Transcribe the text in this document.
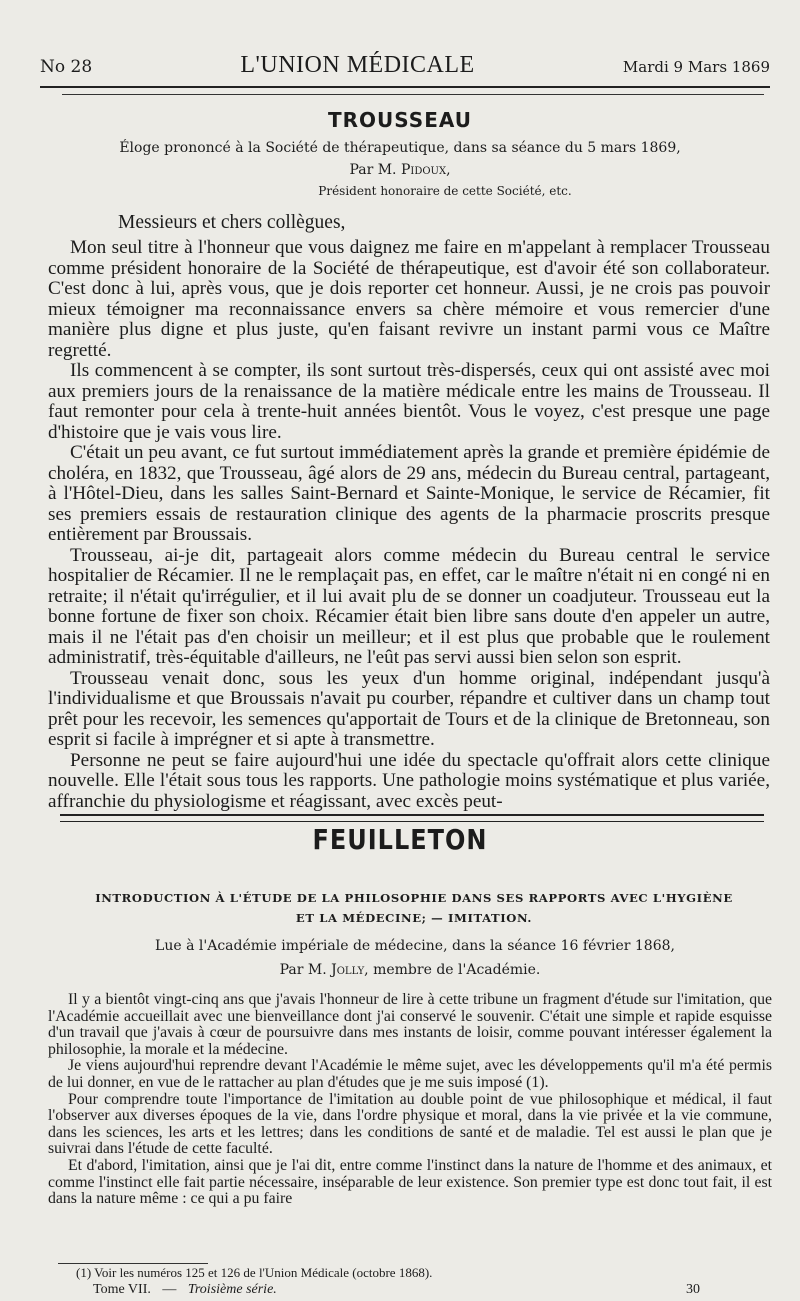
No 28	L'UNION MÉDICALE	Mardi 9 Mars 1869
TROUSSEAU
Éloge prononcé à la Société de thérapeutique, dans sa séance du 5 mars 1869,
Par M. Pidoux,
Président honoraire de cette Société, etc.
Messieurs et chers collègues,

Mon seul titre à l'honneur que vous daignez me faire en m'appelant à remplacer Trousseau comme président honoraire de la Société de thérapeutique, est d'avoir été son collaborateur. C'est donc à lui, après vous, que je dois reporter cet honneur. Aussi, je ne crois pas pouvoir mieux témoigner ma reconnaissance envers sa chère mémoire et vous remercier d'une manière plus digne et plus juste, qu'en faisant revivre un instant parmi vous ce Maître regretté.

Ils commencent à se compter, ils sont surtout très-dispersés, ceux qui ont assisté avec moi aux premiers jours de la renaissance de la matière médicale entre les mains de Trousseau. Il faut remonter pour cela à trente-huit années bientôt. Vous le voyez, c'est presque une page d'histoire que je vais vous lire.

C'était un peu avant, ce fut surtout immédiatement après la grande et première épidémie de choléra, en 1832, que Trousseau, âgé alors de 29 ans, médecin du Bureau central, partageant, à l'Hôtel-Dieu, dans les salles Saint-Bernard et Sainte-Monique, le service de Récamier, fit ses premiers essais de restauration clinique des agents de la pharmacie proscrits presque entièrement par Broussais.

Trousseau, ai-je dit, partageait alors comme médecin du Bureau central le service hospitalier de Récamier. Il ne le remplaçait pas, en effet, car le maître n'était ni en congé ni en retraite; il n'était qu'irrégulier, et il lui avait plu de se donner un coadjuteur. Trousseau eut la bonne fortune de fixer son choix. Récamier était bien libre sans doute d'en appeler un autre, mais il ne l'était pas d'en choisir un meilleur; et il est plus que probable que le roulement administratif, très-équitable d'ailleurs, ne l'eût pas servi aussi bien selon son esprit.

Trousseau venait donc, sous les yeux d'un homme original, indépendant jusqu'à l'individualisme et que Broussais n'avait pu courber, répandre et cultiver dans un champ tout prêt pour les recevoir, les semences qu'apportait de Tours et de la clinique de Bretonneau, son esprit si facile à imprégner et si apte à transmettre.

Personne ne peut se faire aujourd'hui une idée du spectacle qu'offrait alors cette clinique nouvelle. Elle l'était sous tous les rapports. Une pathologie moins systématique et plus variée, affranchie du physiologisme et réagissant, avec excès peut-

FEUILLETON
INTRODUCTION À L'ÉTUDE DE LA PHILOSOPHIE DANS SES RAPPORTS AVEC L'HYGIÈNE
ET LA MÉDECINE; — IMITATION.
Lue à l'Académie impériale de médecine, dans la séance 16 février 1868,
Par M. Jolly, membre de l'Académie.

Il y a bientôt vingt-cinq ans que j'avais l'honneur de lire à cette tribune un fragment d'étude sur l'imitation, que l'Académie accueillait avec une bienveillance dont j'ai conservé le souvenir. C'était une simple et rapide esquisse d'un travail que j'avais à cœur de poursuivre dans mes instants de loisir, comme pouvant intéresser également la philosophie, la morale et la médecine.

Je viens aujourd'hui reprendre devant l'Académie le même sujet, avec les développements qu'il m'a été permis de lui donner, en vue de le rattacher au plan d'études que je me suis imposé (1).

Pour comprendre toute l'importance de l'imitation au double point de vue philosophique et médical, il faut l'observer aux diverses époques de la vie, dans l'ordre physique et moral, dans la vie privée et la vie commune, dans les sciences, les arts et les lettres; dans les conditions de santé et de maladie. Tel est aussi le plan que je suivrai dans l'étude de cette faculté.

Et d'abord, l'imitation, ainsi que je l'ai dit, entre comme l'instinct dans la nature de l'homme et des animaux, et comme l'instinct elle fait partie nécessaire, inséparable de leur existence. Son premier type est donc tout fait, il est dans la nature même : ce qui a pu faire

(1) Voir les numéros 125 et 126 de l'Union Médicale (octobre 1868).
Tome VII. — Troisième série.	30
